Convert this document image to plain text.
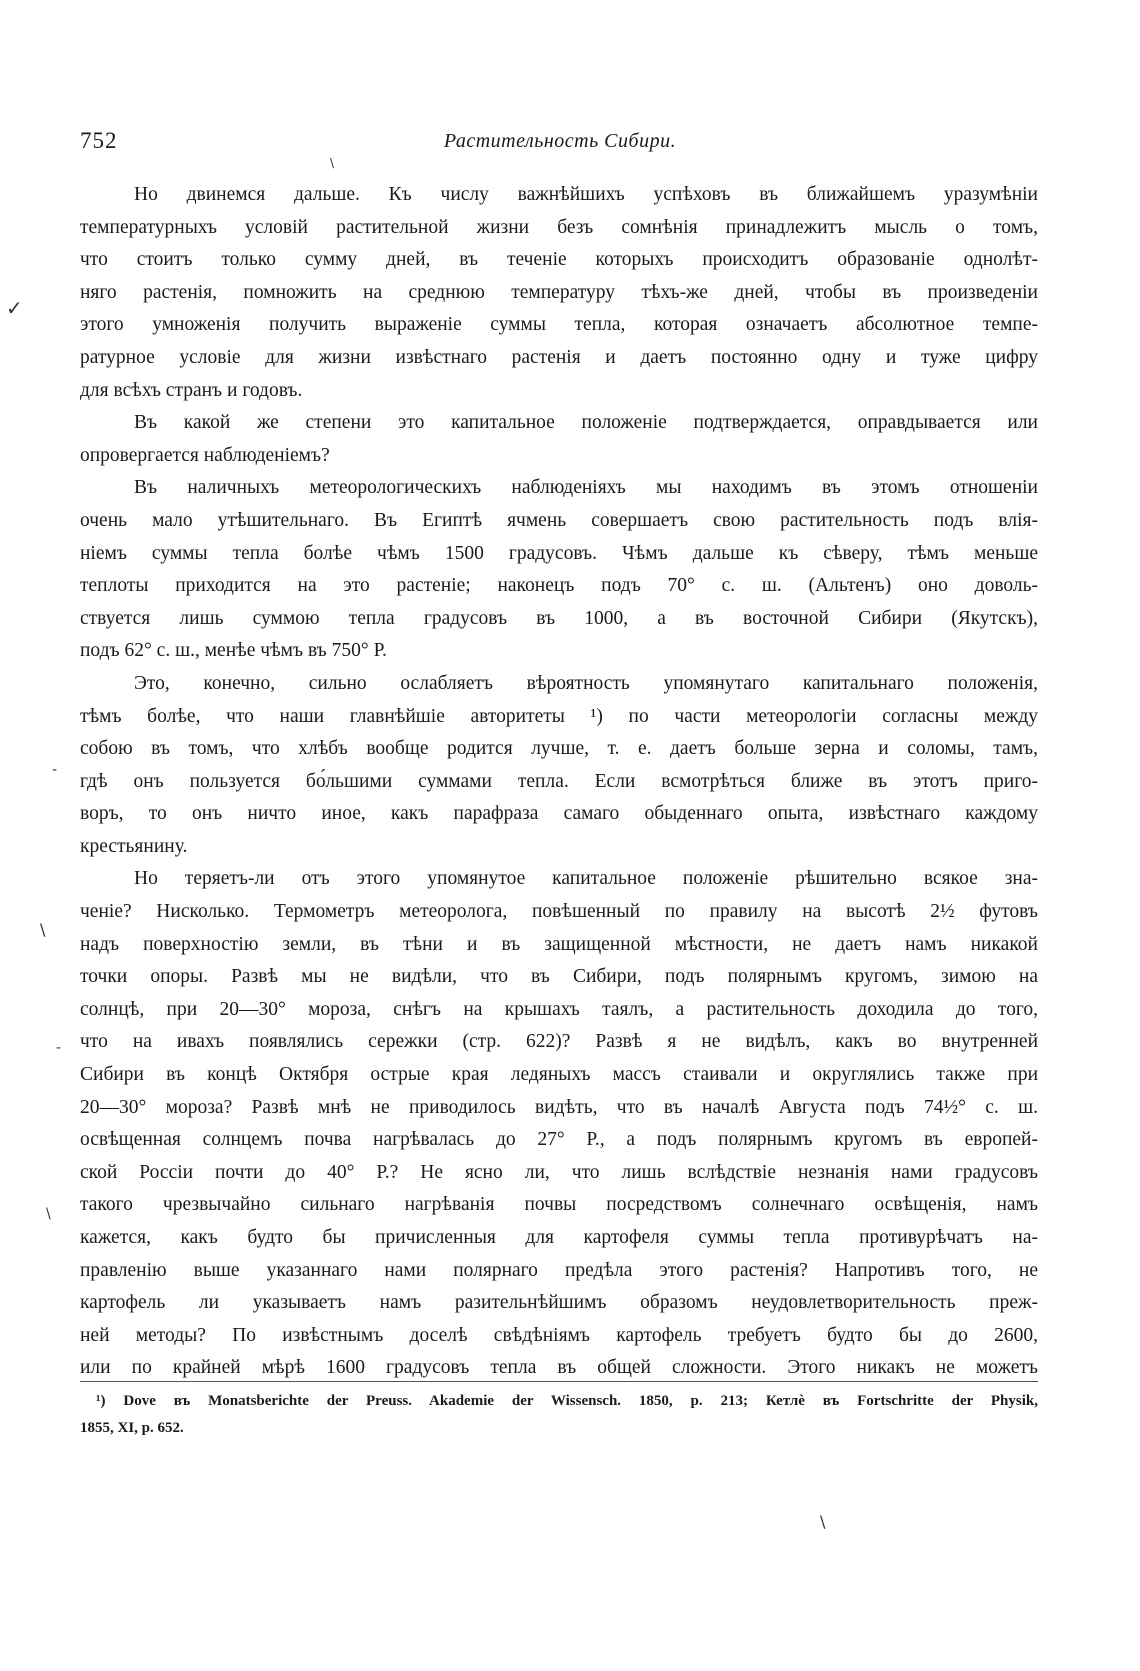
752	Растительность Сибири.
Но двинемся дальше. Къ числу важнѣйшихъ успѣховъ въ ближайшемъ уразумѣніи
температурныхъ условій растительной жизни безъ сомнѣнія принадлежитъ мысль о томъ,
что стоитъ только сумму дней, въ теченіе которыхъ происходитъ образованіе однолѣт-
няго растенія, помножить на среднюю температуру тѣхъ-же дней, чтобы въ произведеніи
этого умноженія получить выраженіе суммы тепла, которая означаетъ абсолютное темпе-
ратурное условіе для жизни извѣстнаго растенія и даетъ постоянно одну и туже цифру
для всѣхъ странъ и годовъ.
Въ какой же степени это капитальное положеніе подтверждается, оправдывается или
опровергается наблюденіемъ?
Въ наличныхъ метеорологическихъ наблюденіяхъ мы находимъ въ этомъ отношеніи
очень мало утѣшительнаго. Въ Египтѣ ячмень совершаетъ свою растительность подъ влія-
ніемъ суммы тепла болѣе чѣмъ 1500 градусовъ. Чѣмъ дальше къ сѣверу, тѣмъ меньше
теплоты приходится на это растеніе; наконецъ подъ 70° с. ш. (Альтенъ) оно доволь-
ствуется лишь суммою тепла градусовъ въ 1000, а въ восточной Сибири (Якутскъ),
подъ 62° с. ш., менѣе чѣмъ въ 750° Р.
Это, конечно, сильно ослабляетъ вѣроятность упомянутаго капитальнаго положенія,
тѣмъ болѣе, что наши главнѣйшіе авторитеты ¹) по части метеорологіи согласны между
собою въ томъ, что хлѣбъ вообще родится лучше, т. е. даетъ больше зерна и соломы, тамъ,
гдѣ онъ пользуется бо́льшими суммами тепла. Если всмотрѣться ближе въ этотъ приго-
воръ, то онъ ничто иное, какъ парафраза самаго обыденнаго опыта, извѣстнаго каждому
крестьянину.
Но теряетъ-ли отъ этого упомянутое капитальное положеніе рѣшительно всякое зна-
ченіе? Нисколько. Термометръ метеоролога, повѣшенный по правилу на высотѣ 2½ футовъ
надъ поверхностію земли, въ тѣни и въ защищенной мѣстности, не даетъ намъ никакой
точки опоры. Развѣ мы не видѣли, что въ Сибири, подъ полярнымъ кругомъ, зимою на
солнцѣ, при 20—30° мороза, снѣгъ на крышахъ таялъ, а растительность доходила до того,
что на ивахъ появлялись сережки (стр. 622)? Развѣ я не видѣлъ, какъ во внутренней
Сибири въ концѣ Октября острые края ледяныхъ массъ стаивали и округлялись также при
20—30° мороза? Развѣ мнѣ не приводилось видѣть, что въ началѣ Августа подъ 74½° с. ш.
освѣщенная солнцемъ почва нагрѣвалась до 27° Р., а подъ полярнымъ кругомъ въ европей-
ской Россіи почти до 40° Р.? Не ясно ли, что лишь вслѣдствіе незнанія нами градусовъ
такого чрезвычайно сильнаго нагрѣванія почвы посредствомъ солнечнаго освѣщенія, намъ
кажется, какъ будто бы причисленныя для картофеля суммы тепла противурѣчатъ на-
правленію выше указаннаго нами полярнаго предѣла этого растенія? Напротивъ того, не
картофель ли указываетъ намъ разительнѣйшимъ образомъ неудовлетворительность преж-
ней методы? По извѣстнымъ доселѣ свѣдѣніямъ картофель требуетъ будто бы до 2600,
или по крайней мѣрѣ 1600 градусовъ тепла въ общей сложности. Этого никакъ не можетъ
¹) Dove въ Monatsberichte der Preuss. Akademie der Wissensch. 1850, p. 213; Кетлѐ въ Fortschritte der Physik,
1855, XI, p. 652.
✓
\
-
\
-
\
\
